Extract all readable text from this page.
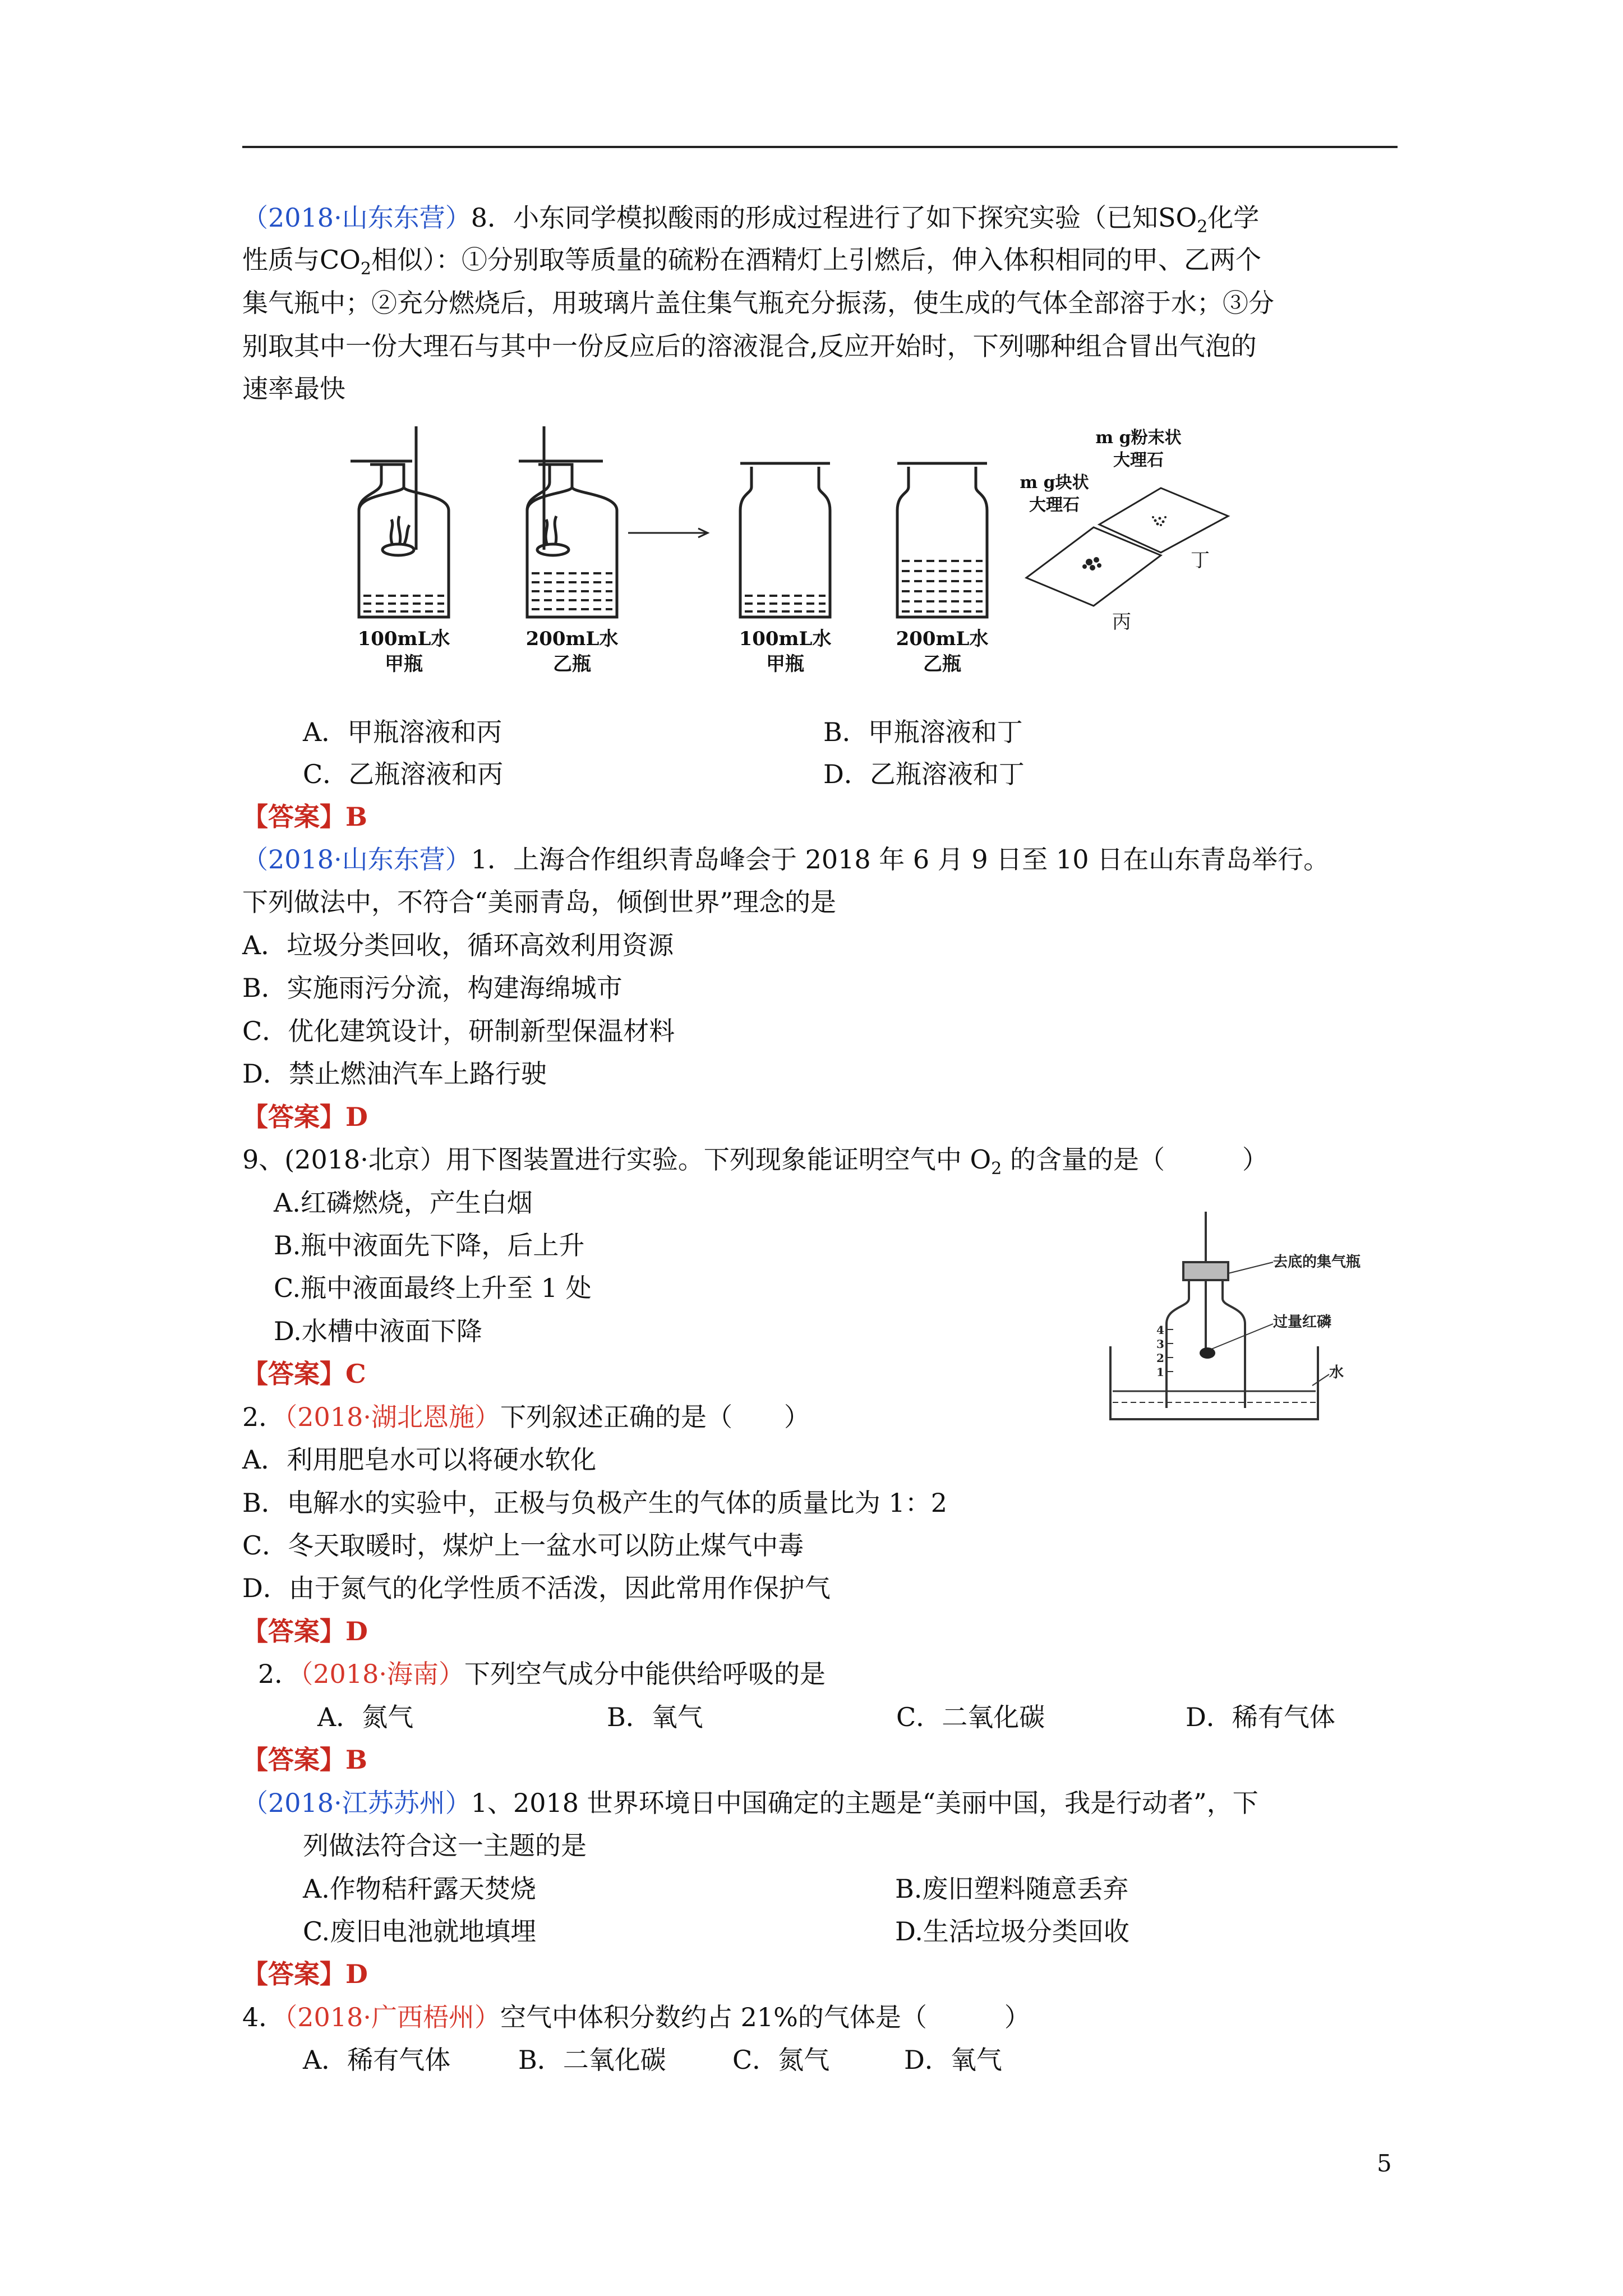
（2018·山东东营）8．小东同学模拟酸雨的形成过程进行了如下探究实验（已知$SO_2$化学
性质与$CO_2$相似）：①分别取等质量的硫粉在酒精灯上引燃后，伸入体积相同的甲、乙两个
集气瓶中；②充分燃烧后，用玻璃片盖住集气瓶充分振荡，使生成的气体全部溶于水；③分
别取其中一份大理石与其中一份反应后的溶液混合,反应开始时，下列哪种组合冒出气泡的
速率最快
100mL水
甲瓶
200mL水
乙瓶
100mL水
甲瓶
200mL水
乙瓶
m g块状
大理石
m g粉末状
大理石
丙
丁
A．甲瓶溶液和丙	B．甲瓶溶液和丁
C．乙瓶溶液和丙	D．乙瓶溶液和丁
【答案】B
（2018·山东东营）1．上海合作组织青岛峰会于 2018 年 6 月 9 日至 10 日在山东青岛举行。
下列做法中，不符合“美丽青岛，倾倒世界”理念的是
A．垃圾分类回收，循环高效利用资源
B．实施雨污分流，构建海绵城市
C．优化建筑设计，研制新型保温材料
D．禁止燃油汽车上路行驶
【答案】D
9、(2018·北京）用下图装置进行实验。下列现象能证明空气中 $O_2$ 的含量的是（　　　）
A.红磷燃烧，产生白烟
B.瓶中液面先下降，后上升
C.瓶中液面最终上升至 1 处
D.水槽中液面下降
去底的集气瓶
过量红磷
水
4
3
2
1
【答案】C
2．（2018·湖北恩施）下列叙述正确的是（　　）
A．利用肥皂水可以将硬水软化
B．电解水的实验中，正极与负极产生的气体的质量比为 1：2
C．冬天取暖时，煤炉上一盆水可以防止煤气中毒
D．由于氮气的化学性质不活泼，因此常用作保护气
【答案】D
2．（2018·海南）下列空气成分中能供给呼吸的是
A．氮气	B．氧气	C．二氧化碳	D．稀有气体
【答案】B
（2018·江苏苏州）1、2018 世界环境日中国确定的主题是“美丽中国，我是行动者”，下
列做法符合这一主题的是
A.作物秸秆露天焚烧	B.废旧塑料随意丢弃
C.废旧电池就地填埋	D.生活垃圾分类回收
【答案】D
4．（2018·广西梧州）空气中体积分数约占 21%的气体是（　　　）
A．稀有气体	B．二氧化碳	C．氮气	D．氧气
5
